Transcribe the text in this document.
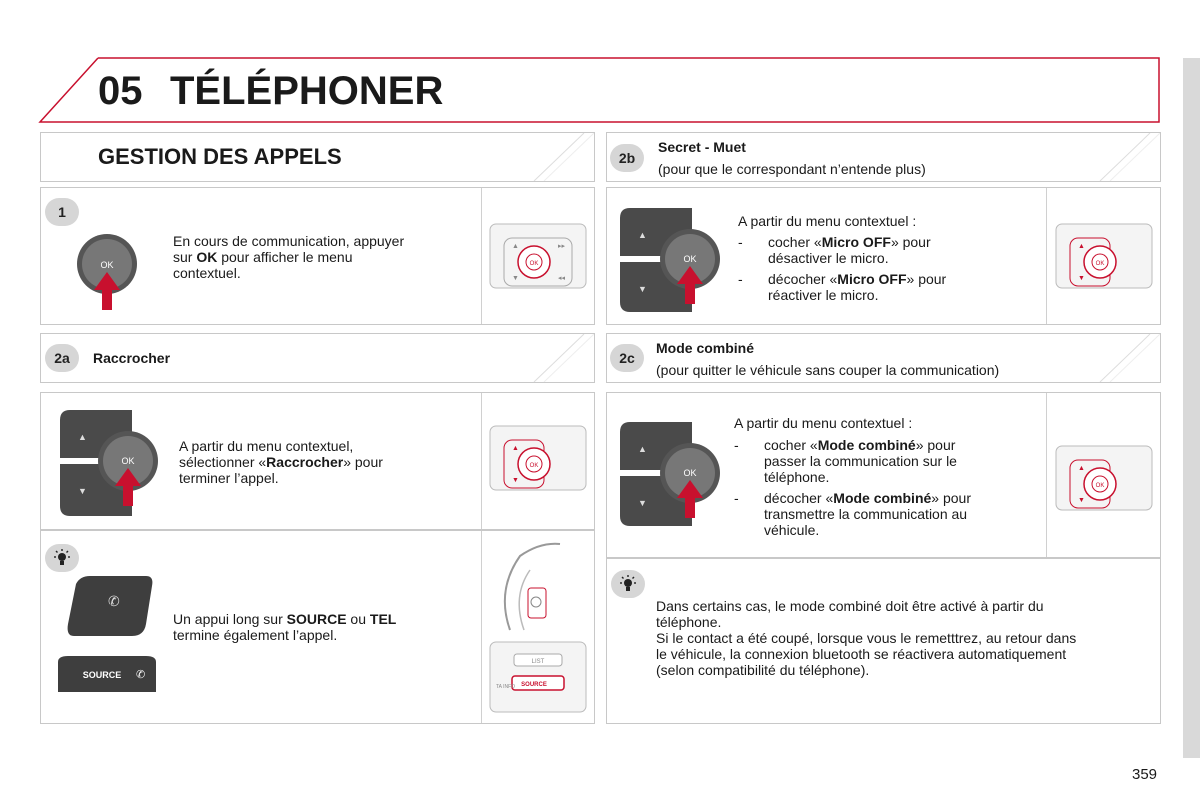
05 TÉLÉPHONER
GESTION DES APPELS
1
OK
En cours de communication, appuyer
sur OK pour afficher le menu
contextuel.
OK
▲
▼
▸▸
◂◂
2a	Raccrocher
▲
▼
OK
A partir du menu contextuel,
sélectionner «Raccrocher» pour
terminer l’appel.
OK
▲
▼
✆
SOURCE ✆
Un appui long sur SOURCE ou TEL
termine également l’appel.
LIST
SOURCE
TA INFO
2b
Secret - Muet
(pour que le correspondant n’entende plus)
▲
▼
OK
A partir du menu contextuel :
- cocher «Micro OFF» pour
désactiver le micro.
- décocher «Micro OFF» pour
réactiver le micro.
OK
▲
▼
2c
Mode combiné
(pour quitter le véhicule sans couper la communication)
▲
▼
OK
A partir du menu contextuel :
- cocher «Mode combiné» pour
passer la communication sur le
téléphone.
- décocher «Mode combiné» pour
transmettre la communication au
véhicule.
OK
▲
▼
Dans certains cas, le mode combiné doit être activé à partir du
téléphone.
Si le contact a été coupé, lorsque vous le remetttrez, au retour dans
le véhicule, la connexion bluetooth se réactivera automatiquement
(selon compatibilité du téléphone).
359
